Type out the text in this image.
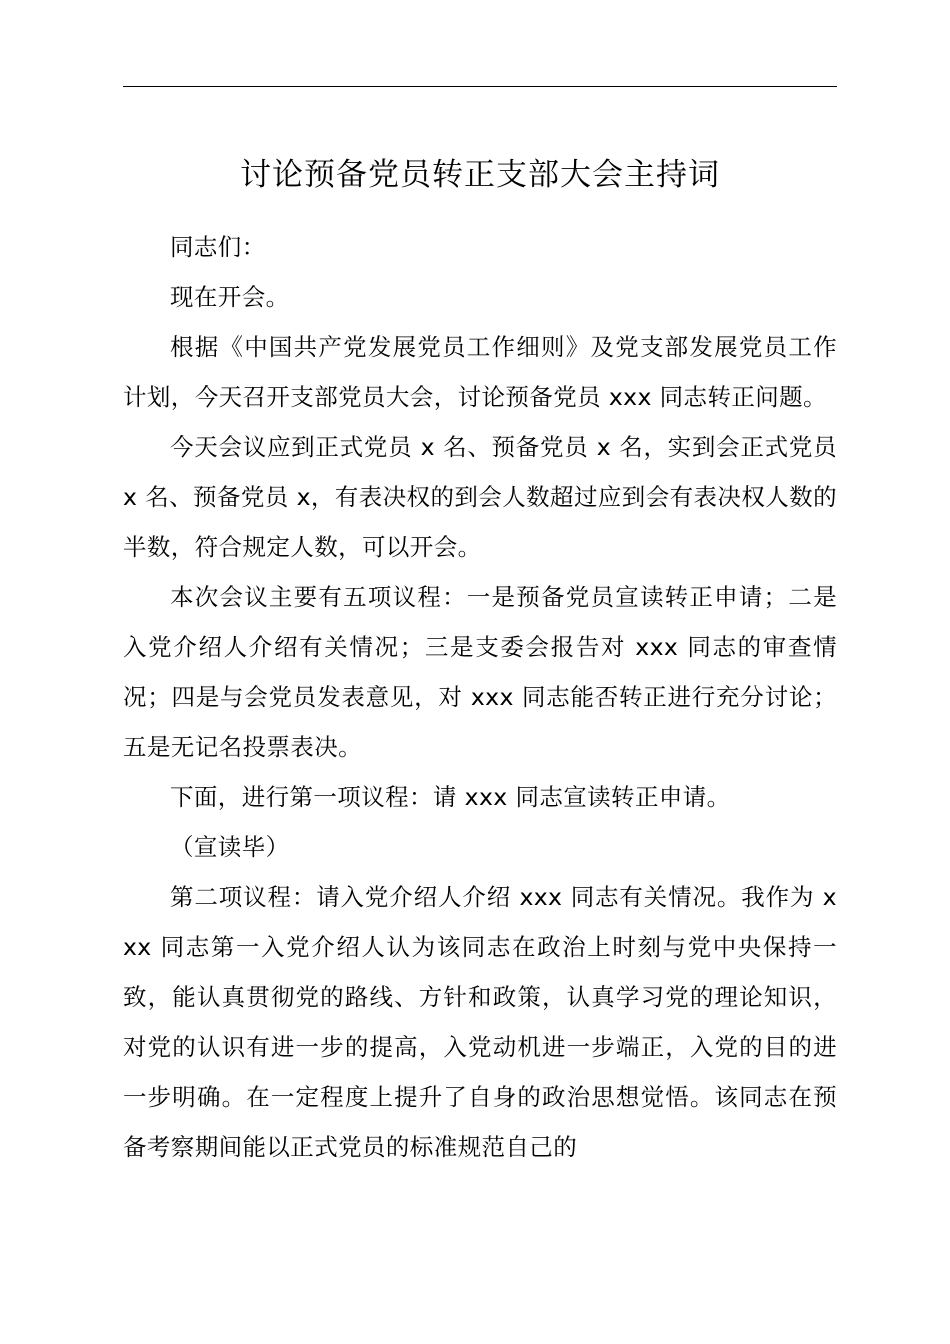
讨论预备党员转正支部大会主持词

同志们：

现在开会。

根据《中国共产党发展党员工作细则》及党支部发展党员工作计划，今天召开支部党员大会，讨论预备党员 xxx 同志转正问题。

今天会议应到正式党员 x 名、预备党员 x 名，实到会正式党员 x 名、预备党员 x，有表决权的到会人数超过应到会有表决权人数的半数，符合规定人数，可以开会。

本次会议主要有五项议程：一是预备党员宣读转正申请；二是入党介绍人介绍有关情况；三是支委会报告对 xxx 同志的审查情况；四是与会党员发表意见，对 xxx 同志能否转正进行充分讨论；五是无记名投票表决。

下面，进行第一项议程：请 xxx 同志宣读转正申请。

（宣读毕）

第二项议程：请入党介绍人介绍 xxx 同志有关情况。我作为 xxx 同志第一入党介绍人认为该同志在政治上时刻与党中央保持一致，能认真贯彻党的路线、方针和政策，认真学习党的理论知识，对党的认识有进一步的提高，入党动机进一步端正，入党的目的进一步明确。在一定程度上提升了自身的政治思想觉悟。该同志在预备考察期间能以正式党员的标准规范自己的
